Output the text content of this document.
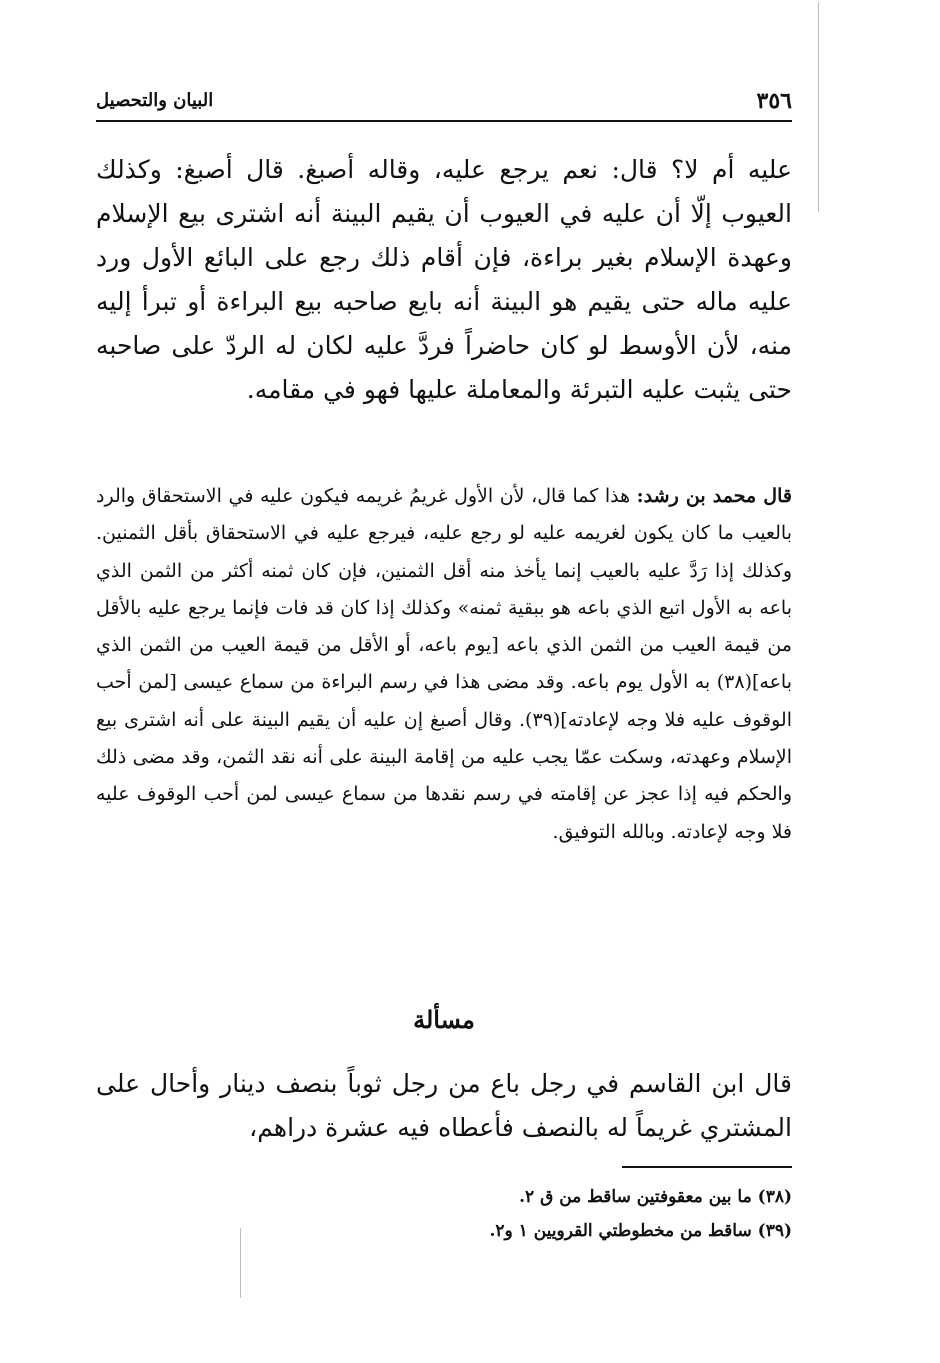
٣٥٦
البيان والتحصيل

عليه أم لا؟ قال: نعم يرجع عليه، وقاله أصبغ. قال أصبغ: وكذلك العيوب إلّا أن عليه في العيوب أن يقيم البينة أنه اشترى بيع الإسلام وعهدة الإسلام بغير براءة، فإن أقام ذلك رجع على البائع الأول ورد عليه ماله حتى يقيم هو البينة أنه بايع صاحبه بيع البراءة أو تبرأ إليه منه، لأن الأوسط لو كان حاضراً فردَّ عليه لكان له الردّ على صاحبه حتى يثبت عليه التبرئة والمعاملة عليها فهو في مقامه.

قال محمد بن رشد: هذا كما قال، لأن الأول غريمُ غريمه فيكون عليه في الاستحقاق والرد بالعيب ما كان يكون لغريمه عليه لو رجع عليه، فيرجع عليه في الاستحقاق بأقل الثمنين. وكذلك إذا رَدَّ عليه بالعيب إنما يأخذ منه أقل الثمنين، فإن كان ثمنه أكثر من الثمن الذي باعه به الأول اتبع الذي باعه هو ببقية ثمنه» وكذلك إذا كان قد فات فإنما يرجع عليه بالأقل من قيمة العيب من الثمن الذي باعه [يوم باعه، أو الأقل من قيمة العيب من الثمن الذي باعه](٣٨) به الأول يوم باعه. وقد مضى هذا في رسم البراءة من سماع عيسى [لمن أحب الوقوف عليه فلا وجه لإعادته](٣٩). وقال أصبغ إن عليه أن يقيم البينة على أنه اشترى بيع الإسلام وعهدته، وسكت عمّا يجب عليه من إقامة البينة على أنه نقد الثمن، وقد مضى ذلك والحكم فيه إذا عجز عن إقامته في رسم نقدها من سماع عيسى لمن أحب الوقوف عليه فلا وجه لإعادته. وبالله التوفيق.

مسألة

قال ابن القاسم في رجل باع من رجل ثوباً بنصف دينار وأحال على المشتري غريماً له بالنصف فأعطاه فيه عشرة دراهم،

(٣٨) ما بين معقوفتين ساقط من ق ٢.
(٣٩) ساقط من مخطوطتي القرويين ١ و٢.
